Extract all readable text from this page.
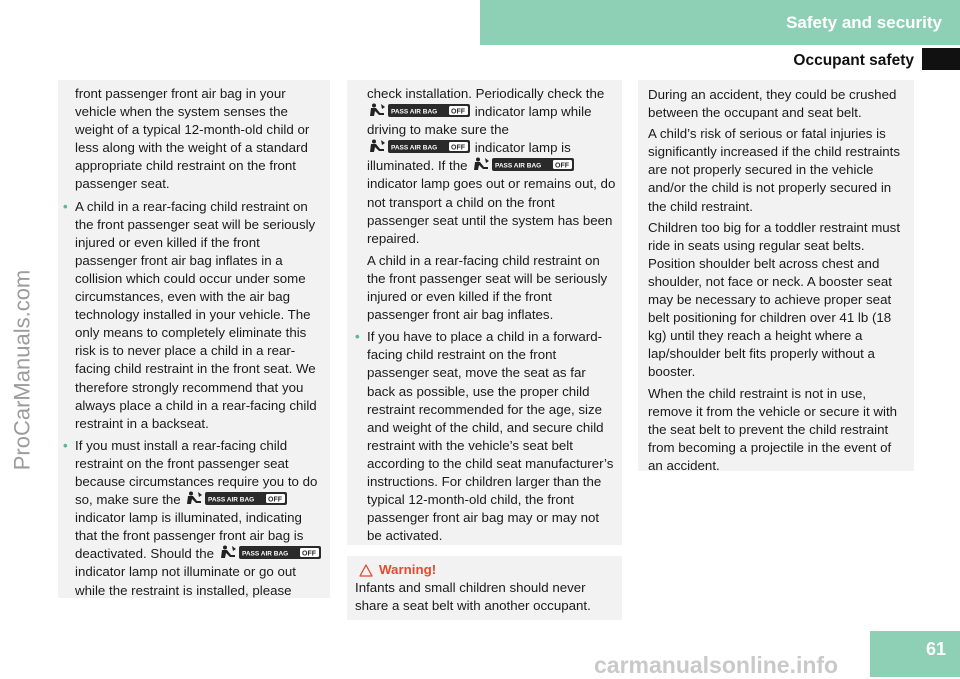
Safety and security
Occupant safety
ProCarManuals.com

front passenger front air bag in your vehicle when the system senses the weight of a typical 12-month-old child or less along with the weight of a standard appropriate child restraint on the front passenger seat.

• A child in a rear-facing child restraint on the front passenger seat will be seriously injured or even killed if the front passenger front air bag inflates in a collision which could occur under some circumstances, even with the air bag technology installed in your vehicle. The only means to completely eliminate this risk is to never place a child in a rear-facing child restraint in the front seat. We therefore strongly recommend that you always place a child in a rear-facing child restraint in a backseat.

• If you must install a rear-facing child restraint on the front passenger seat because circumstances require you to do so, make sure the	PASS AIR BAG OFF
indicator lamp is illuminated, indicating that the front passenger front air bag is deactivated. Should the	PASS AIR BAG OFF
indicator lamp not illuminate or go out while the restraint is installed, please

check installation. Periodically check the
PASS AIR BAG OFF indicator lamp while driving to make sure the
PASS AIR BAG OFF indicator lamp is illuminated. If the	PASS AIR BAG OFF
indicator lamp goes out or remains out, do not transport a child on the front passenger seat until the system has been repaired.

A child in a rear-facing child restraint on the front passenger seat will be seriously injured or even killed if the front passenger front air bag inflates.

• If you have to place a child in a forward-facing child restraint on the front passenger seat, move the seat as far back as possible, use the proper child restraint recommended for the age, size and weight of the child, and secure child restraint with the vehicle’s seat belt according to the child seat manufacturer’s instructions. For children larger than the typical 12-month-old child, the front passenger front air bag may or may not be activated.

Warning!
Infants and small children should never share a seat belt with another occupant.

During an accident, they could be crushed between the occupant and seat belt.

A child’s risk of serious or fatal injuries is significantly increased if the child restraints are not properly secured in the vehicle and/or the child is not properly secured in the child restraint.

Children too big for a toddler restraint must ride in seats using regular seat belts. Position shoulder belt across chest and shoulder, not face or neck. A booster seat may be necessary to achieve proper seat belt positioning for children over 41 lb (18 kg) until they reach a height where a lap/shoulder belt fits properly without a booster.

When the child restraint is not in use, remove it from the vehicle or secure it with the seat belt to prevent the child restraint from becoming a projectile in the event of an accident.

61
carmanualsonline.info
